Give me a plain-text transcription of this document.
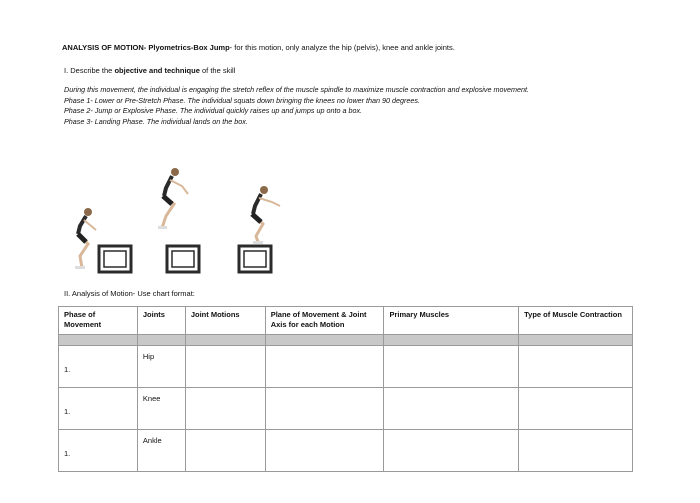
ANALYSIS OF MOTION- Plyometrics-Box Jump- for this motion, only analyze the hip (pelvis), knee and ankle joints.
I. Describe the objective and technique of the skill
During this movement, the individual is engaging the stretch reflex of the muscle spindle to maximize muscle contraction and explosive movement.
Phase 1- Lower or Pre-Stretch Phase. The individual squats down bringing the knees no lower than 90 degrees.
Phase 2- Jump or Explosive Phase. The individual quickly raises up and jumps up onto a box.
Phase 3- Landing Phase. The individual lands on the box.
II. Analysis of Motion- Use chart format:
Phase of Movement	Joints	Joint Motions	Plane of Movement & Joint Axis for each Motion	Primary Muscles	Type of Muscle Contraction

1.	Hip				
1.	Knee				
1.	Ankle				
